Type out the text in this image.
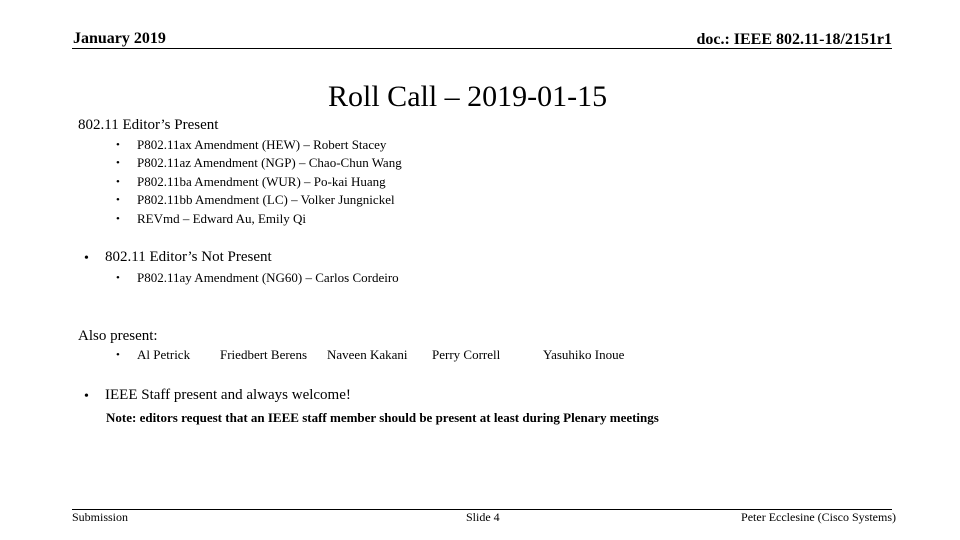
January 2019	doc.: IEEE 802.11-18/2151r1
Roll Call – 2019-01-15
802.11 Editor’s Present
• P802.11ax Amendment (HEW) – Robert Stacey
• P802.11az Amendment (NGP) – Chao-Chun Wang
• P802.11ba Amendment (WUR) – Po-kai Huang
• P802.11bb Amendment (LC) – Volker Jungnickel
• REVmd – Edward Au, Emily Qi
• 802.11 Editor’s Not Present
• P802.11ay Amendment (NG60) – Carlos Cordeiro
Also present:
• Al Petrick Friedbert Berens Naveen Kakani Perry Correll	Yasuhiko Inoue
• IEEE Staff present and always welcome!
Note: editors request that an IEEE staff member should be present at least during Plenary meetings
Submission	Slide 4	Peter Ecclesine (Cisco Systems)
